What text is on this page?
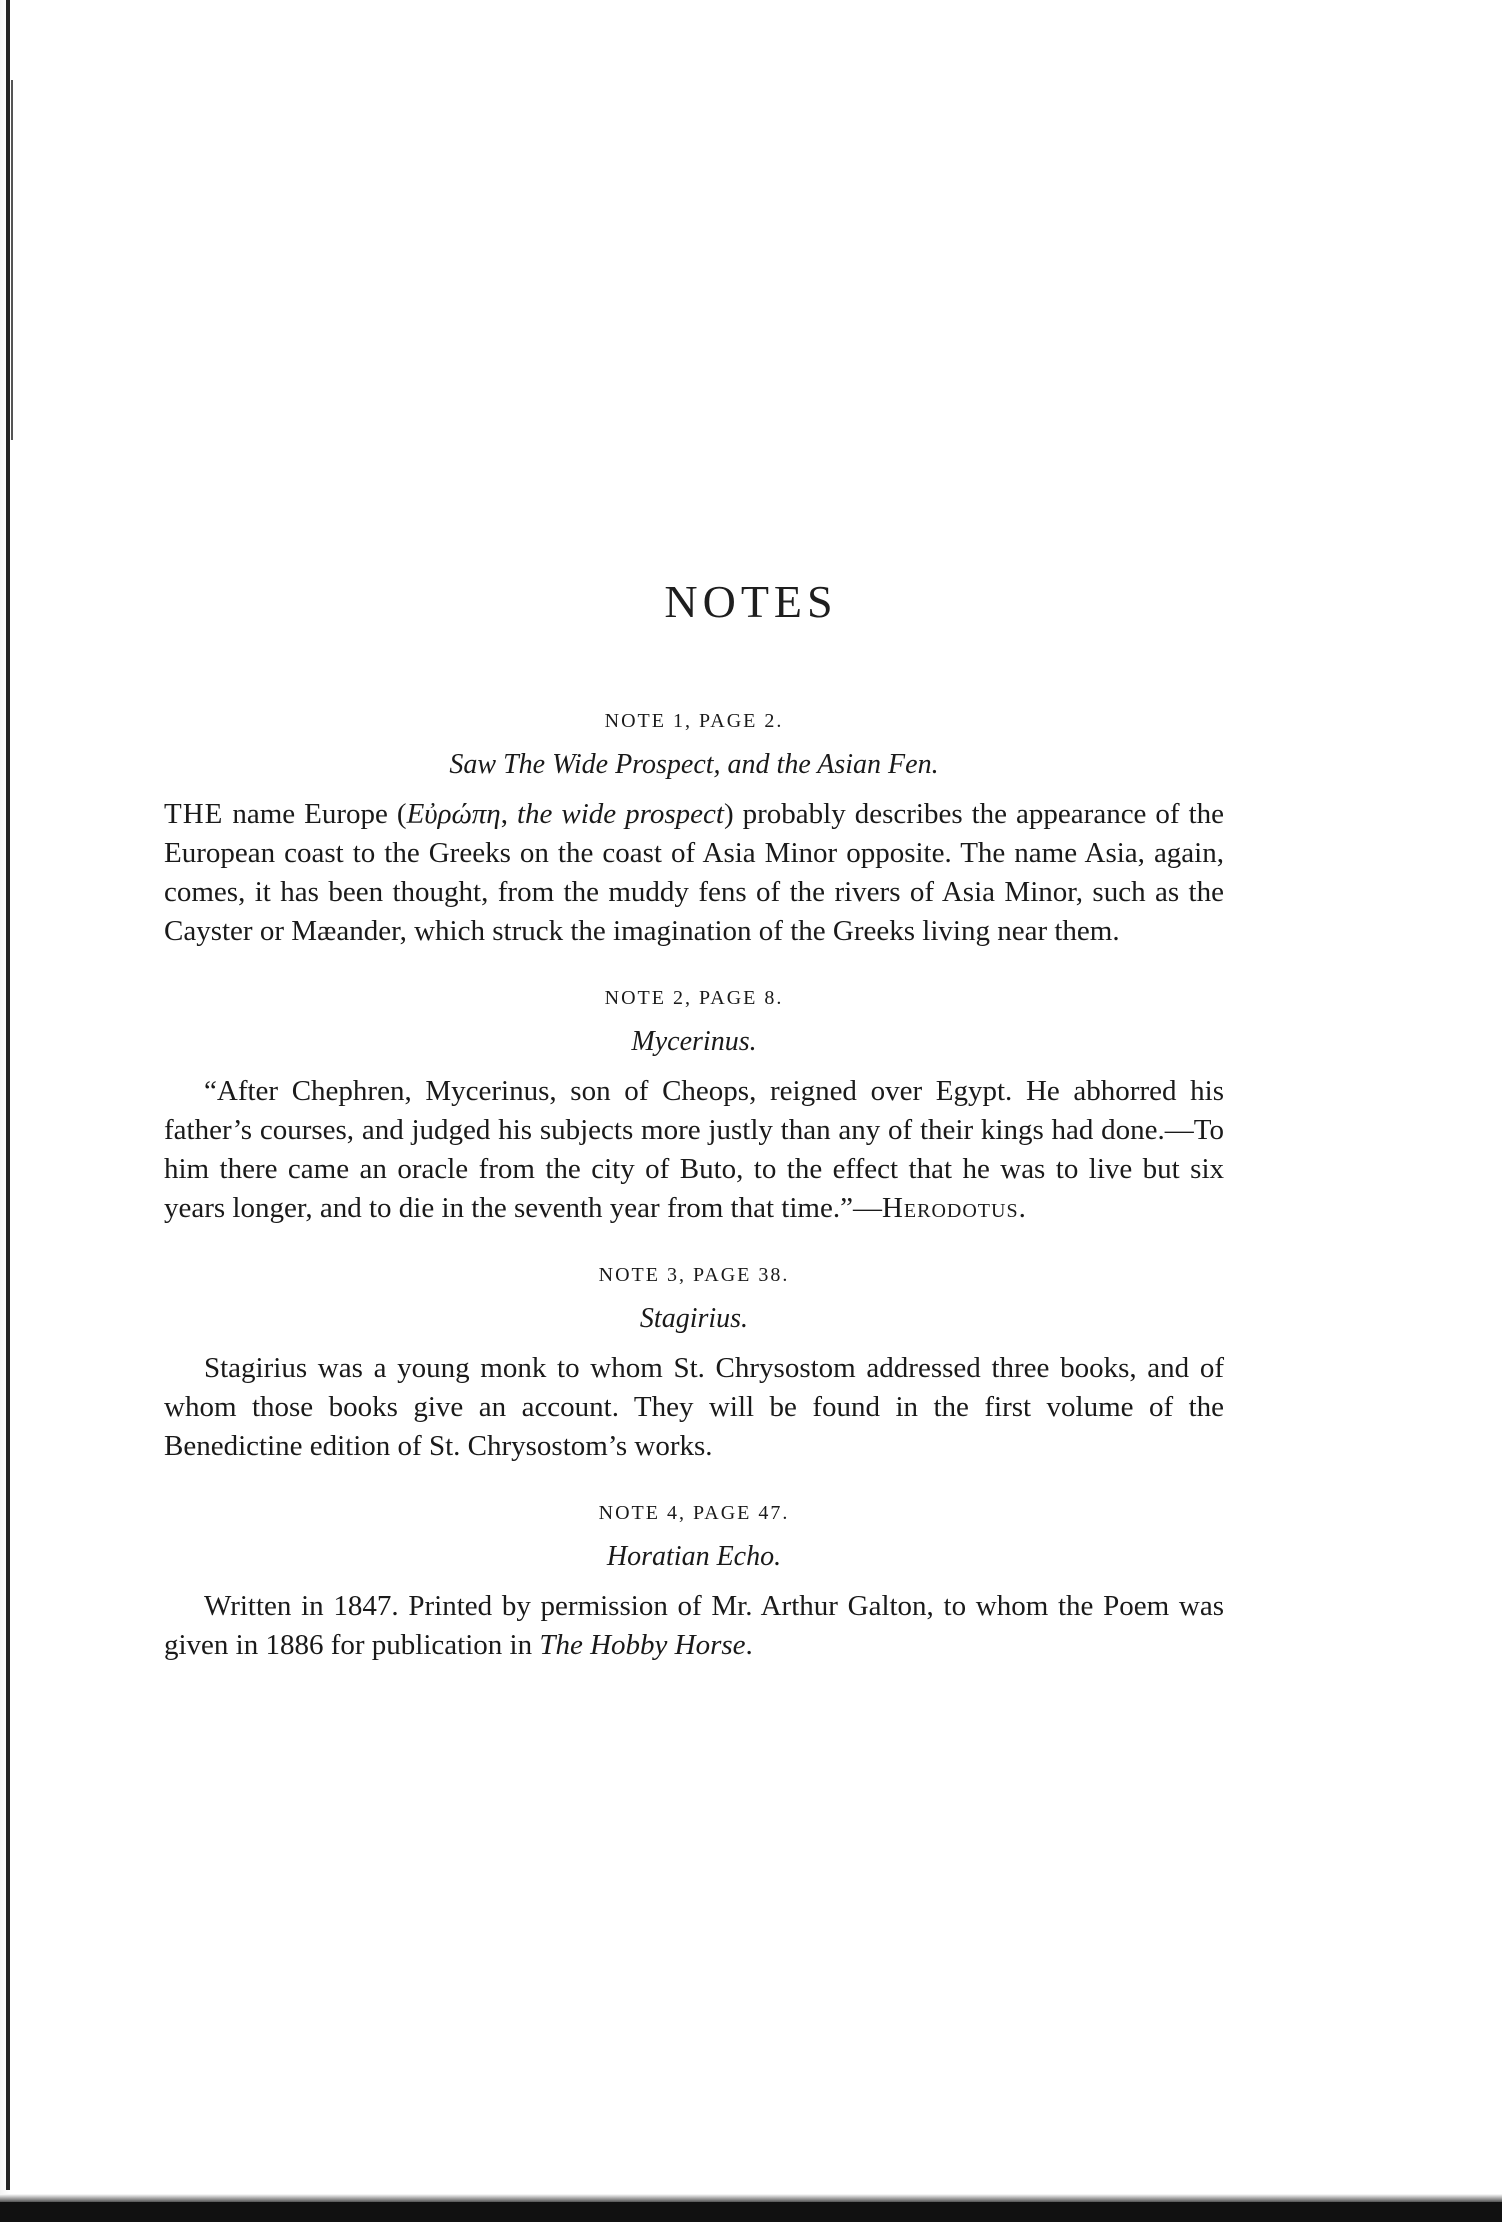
NOTES

NOTE 1, PAGE 2.

Saw The Wide Prospect, and the Asian Fen.

THE name Europe (Εὐρώπη, the wide prospect) probably describes the appearance of the European coast to the Greeks on the coast of Asia Minor opposite. The name Asia, again, comes, it has been thought, from the muddy fens of the rivers of Asia Minor, such as the Cayster or Mæander, which struck the imagination of the Greeks living near them.

NOTE 2, PAGE 8.

Mycerinus.

“After Chephren, Mycerinus, son of Cheops, reigned over Egypt. He abhorred his father’s courses, and judged his subjects more justly than any of their kings had done.—To him there came an oracle from the city of Buto, to the effect that he was to live but six years longer, and to die in the seventh year from that time.”—Herodotus.

NOTE 3, PAGE 38.

Stagirius.

Stagirius was a young monk to whom St. Chrysostom addressed three books, and of whom those books give an account. They will be found in the first volume of the Benedictine edition of St. Chrysostom’s works.

NOTE 4, PAGE 47.

Horatian Echo.

Written in 1847. Printed by permission of Mr. Arthur Galton, to whom the Poem was given in 1886 for publication in The Hobby Horse.
